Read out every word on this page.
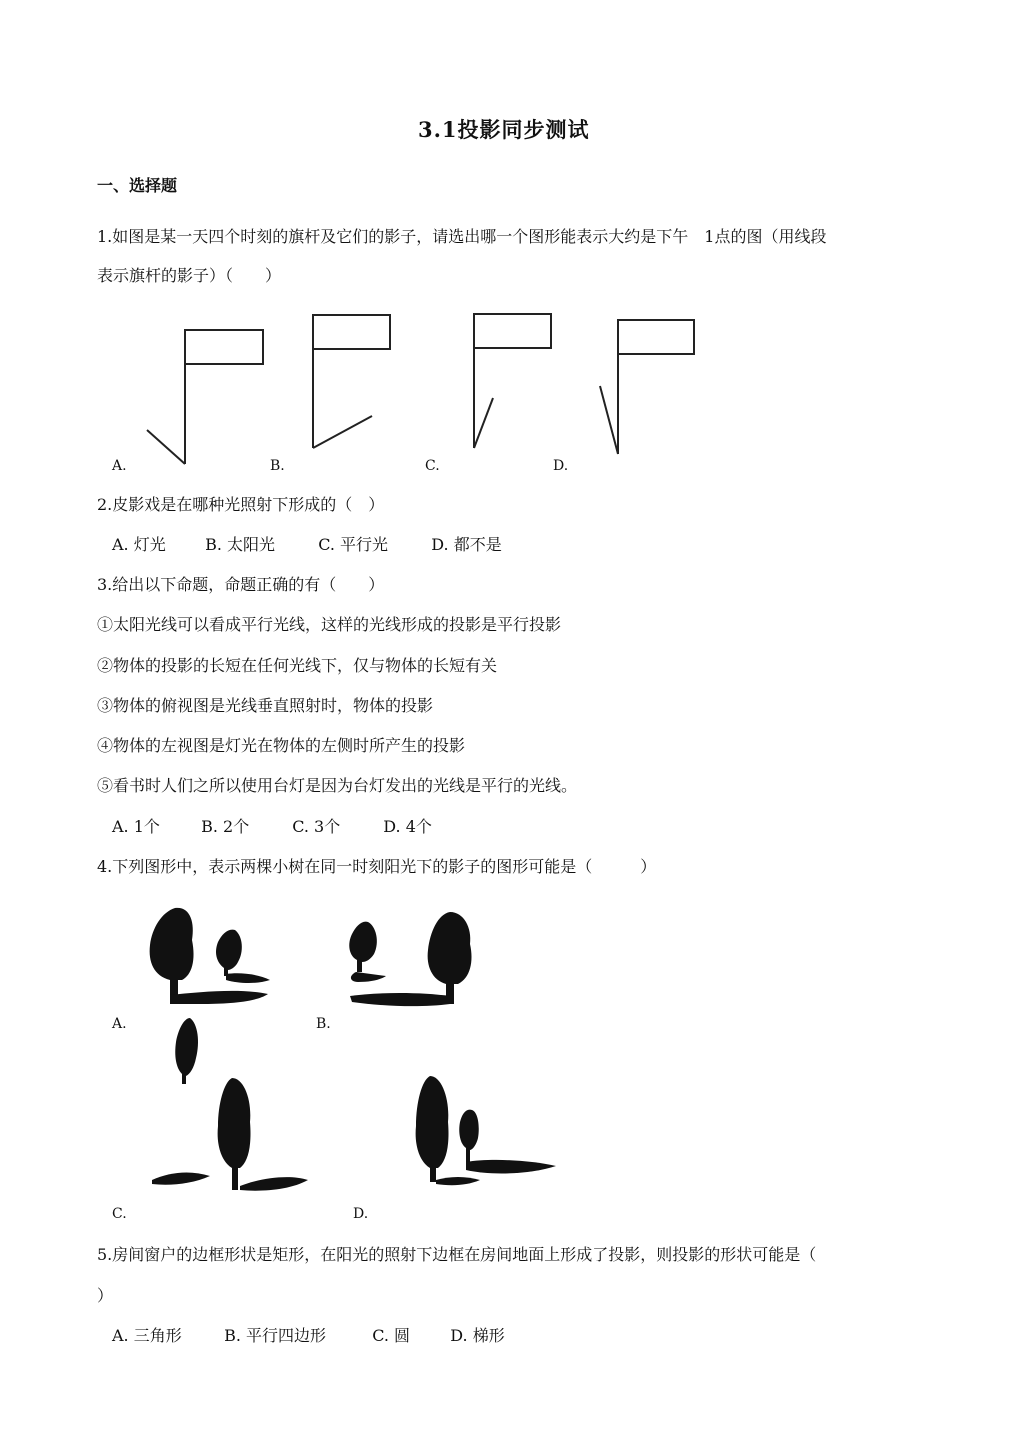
3.1投影同步测试
一、选择题
1.如图是某一天四个时刻的旗杆及它们的影子，请选出哪一个图形能表示大约是下午　1点的图（用线段
表示旗杆的影子）（　　）
A.	B.	C.	D.
2.皮影戏是在哪种光照射下形成的（　）
A. 灯光 B. 太阳光	C. 平行光	D. 都不是
3.给出以下命题，命题正确的有（　　）
①太阳光线可以看成平行光线，这样的光线形成的投影是平行投影
②物体的投影的长短在任何光线下，仅与物体的长短有关
③物体的俯视图是光线垂直照射时，物体的投影
④物体的左视图是灯光在物体的左侧时所产生的投影
⑤看书时人们之所以使用台灯是因为台灯发出的光线是平行的光线。
A. 1个	B. 2个	C. 3个	D. 4个
4.下列图形中，表示两棵小树在同一时刻阳光下的影子的图形可能是（　　　）
A.	B.
C.	D.
5.房间窗户的边框形状是矩形，在阳光的照射下边框在房间地面上形成了投影，则投影的形状可能是（
）
A. 三角形	B. 平行四边形	C. 圆	D. 梯形
